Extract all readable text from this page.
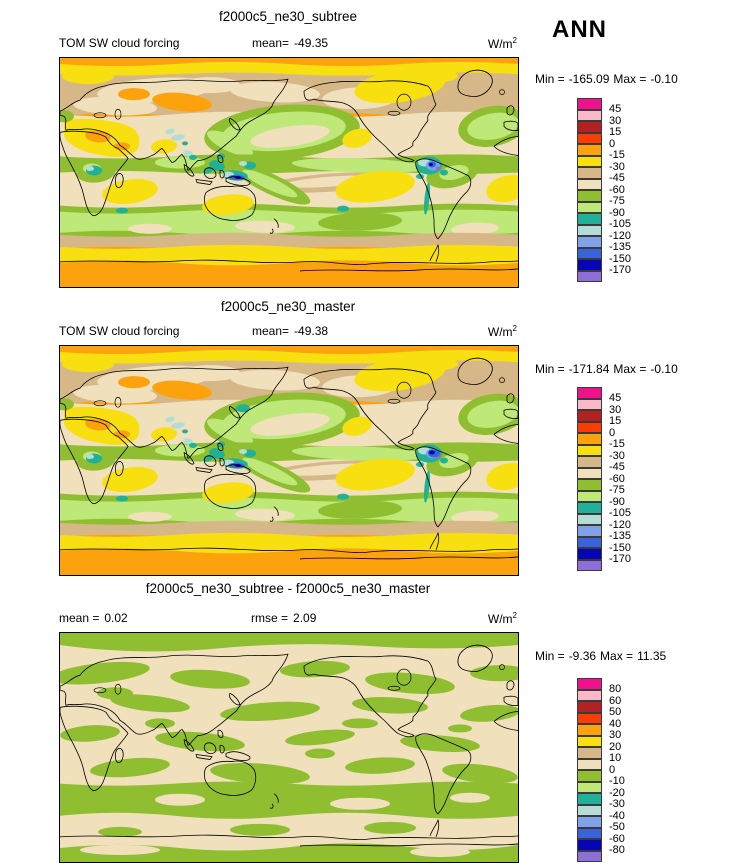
ANN
f2000c5_ne30_subtree
TOM SW cloud forcing	mean= -49.35	$W/m^2$
Min = -165.09 Max = -0.10
45
30
15
0
-15
-30
-45
-60
-75
-90
-105
-120
-135
-150
-170
f2000c5_ne30_master
TOM SW cloud forcing	mean= -49.38	$W/m^2$
Min = -171.84 Max = -0.10
45
30
15
0
-15
-30
-45
-60
-75
-90
-105
-120
-135
-150
-170
f2000c5_ne30_subtree - f2000c5_ne30_master
mean = 0.02	rmse = 2.09	$W/m^2$
Min = -9.36 Max = 11.35
80
60
50
40
30
20
10
0
-10
-20
-30
-40
-50
-60
-80
